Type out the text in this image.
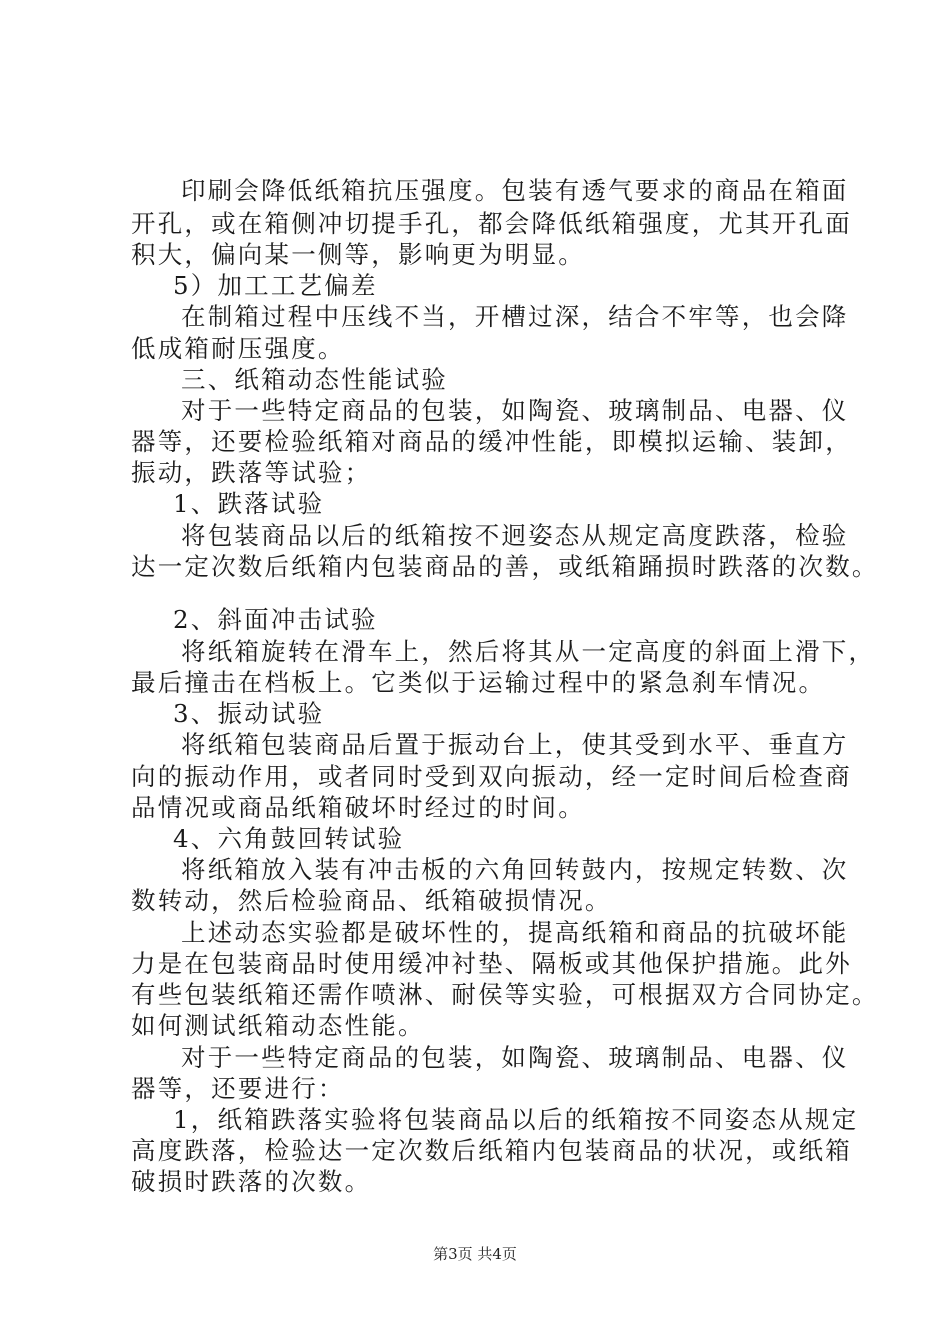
印刷会降低纸箱抗压强度。包装有透气要求的商品在箱面
开孔，或在箱侧冲切提手孔，都会降低纸箱强度，尤其开孔面
积大，偏向某一侧等，影响更为明显。
5）加工工艺偏差
在制箱过程中压线不当，开槽过深，结合不牢等，也会降
低成箱耐压强度。
三、纸箱动态性能试验
对于一些特定商品的包装，如陶瓷、玻璃制品、电器、仪
器等，还要检验纸箱对商品的缓冲性能，即模拟运输、装卸，
振动，跌落等试验；
1、跌落试验
将包装商品以后的纸箱按不迥姿态从规定高度跌落，检验
达一定次数后纸箱内包装商品的善，或纸箱踊损时跌落的次数。
2、斜面冲击试验
将纸箱旋转在滑车上，然后将其从一定高度的斜面上滑下，
最后撞击在档板上。它类似于运输过程中的紧急刹车情况。
3、振动试验
将纸箱包装商品后置于振动台上，使其受到水平、垂直方
向的振动作用，或者同时受到双向振动，经一定时间后检查商
品情况或商品纸箱破坏时经过的时间。
4、六角鼓回转试验
将纸箱放入装有冲击板的六角回转鼓内，按规定转数、次
数转动，然后检验商品、纸箱破损情况。
上述动态实验都是破坏性的，提高纸箱和商品的抗破坏能
力是在包装商品时使用缓冲衬垫、隔板或其他保护措施。此外
有些包装纸箱还需作喷淋、耐侯等实验，可根据双方合同协定。
如何测试纸箱动态性能。
对于一些特定商品的包装，如陶瓷、玻璃制品、电器、仪
器等，还要进行：
1，纸箱跌落实验将包装商品以后的纸箱按不同姿态从规定
高度跌落，检验达一定次数后纸箱内包装商品的状况，或纸箱
破损时跌落的次数。
第3页 共4页
